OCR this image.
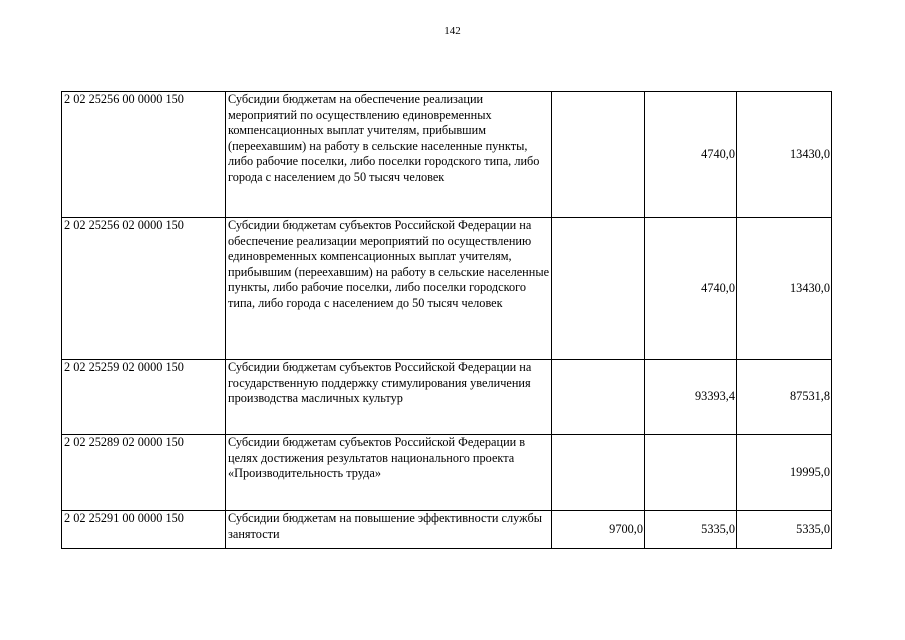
142
2 02 25256 00 0000 150	Субсидии бюджетам на обеспечение реализации мероприятий по осуществлению единовременных компенсационных выплат учителям, прибывшим (переехавшим) на работу в сельские населенные пункты, либо рабочие поселки, либо поселки городского типа, либо города с населением до 50 тысяч человек		4740,0	13430,0
2 02 25256 02 0000 150	Субсидии бюджетам субъектов Российской Федерации на обеспечение реализации мероприятий по осуществлению единовременных компенсационных выплат учителям, прибывшим (переехавшим) на работу в сельские населенные пункты, либо рабочие поселки, либо поселки городского типа, либо города с населением до 50 тысяч человек		4740,0	13430,0
2 02 25259 02 0000 150	Субсидии бюджетам субъектов Российской Федерации на государственную поддержку стимулирования увеличения производства масличных культур		93393,4	87531,8
2 02 25289 02 0000 150	Субсидии бюджетам субъектов Российской Федерации в целях достижения результатов национального проекта «Производительность труда»			19995,0
2 02 25291 00 0000 150	Субсидии бюджетам на повышение эффективности службы занятости	9700,0	5335,0	5335,0
